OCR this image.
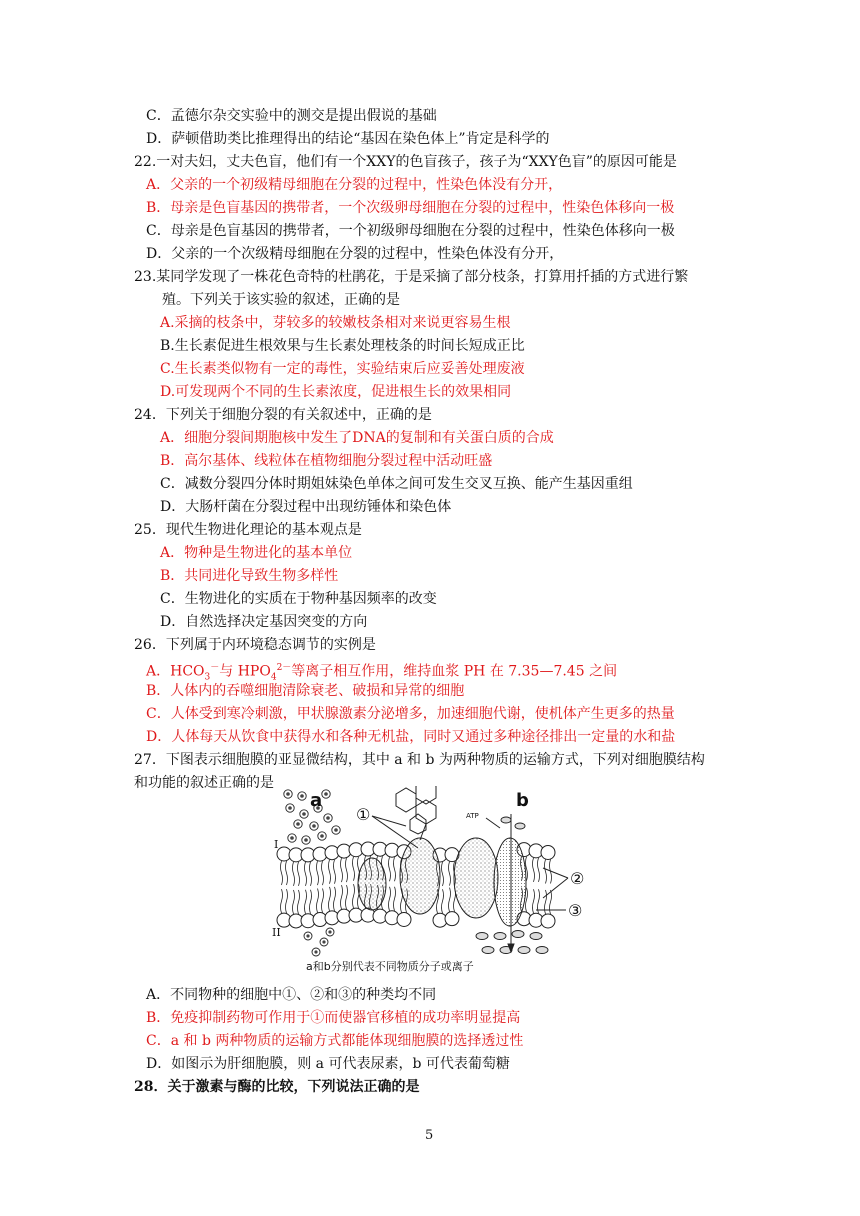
C．孟德尔杂交实验中的测交是提出假说的基础
D．萨顿借助类比推理得出的结论“基因在染色体上”肯定是科学的
22.一对夫妇，丈夫色盲，他们有一个XXY的色盲孩子，孩子为“XXY色盲”的原因可能是
A．父亲的一个初级精母细胞在分裂的过程中，性染色体没有分开，
B．母亲是色盲基因的携带者，一个次级卵母细胞在分裂的过程中，性染色体移向一极
C．母亲是色盲基因的携带者，一个初级卵母细胞在分裂的过程中，性染色体移向一极
D．父亲的一个次级精母细胞在分裂的过程中，性染色体没有分开，
23.某同学发现了一株花色奇特的杜鹃花，于是采摘了部分枝条，打算用扦插的方式进行繁
殖。下列关于该实验的叙述，正确的是
A.采摘的枝条中，芽较多的较嫩枝条相对来说更容易生根
B.生长素促进生根效果与生长素处理枝条的时间长短成正比
C.生长素类似物有一定的毒性，实验结束后应妥善处理废液
D.可发现两个不同的生长素浓度，促进根生长的效果相同
24．下列关于细胞分裂的有关叙述中，正确的是
A．细胞分裂间期胞核中发生了DNA的复制和有关蛋白质的合成
B．高尔基体、线粒体在植物细胞分裂过程中活动旺盛
C．减数分裂四分体时期姐妹染色单体之间可发生交叉互换、能产生基因重组
D．大肠杆菌在分裂过程中出现纺锤体和染色体
25．现代生物进化理论的基本观点是
A．物种是生物进化的基本单位
B．共同进化导致生物多样性
C．生物进化的实质在于物种基因频率的改变
D．自然选择决定基因突变的方向
26．下列属于内环境稳态调节的实例是
A．$HCO_3^-$与 $HPO_4^{2-}$等离子相互作用，维持血浆 PH 在 7.35—7.45 之间
B．人体内的吞噬细胞清除衰老、破损和异常的细胞
C．人体受到寒冷刺激，甲状腺激素分泌增多，加速细胞代谢，使机体产生更多的热量
D．人体每天从饮食中获得水和各种无机盐，同时又通过多种途径排出一定量的水和盐
27．下图表示细胞膜的亚显微结构，其中 a 和 b 为两种物质的运输方式，下列对细胞膜结构
和功能的叙述正确的是
a	b
①
②
③
I
II
ATP
a和b分别代表不同物质分子或离子
A．不同物种的细胞中①、②和③的种类均不同
B．免疫抑制药物可作用于①而使器官移植的成功率明显提高
C．a 和 b 两种物质的运输方式都能体现细胞膜的选择透过性
D．如图示为肝细胞膜，则 a 可代表尿素，b 可代表葡萄糖
28．关于激素与酶的比较，下列说法正确的是
5
